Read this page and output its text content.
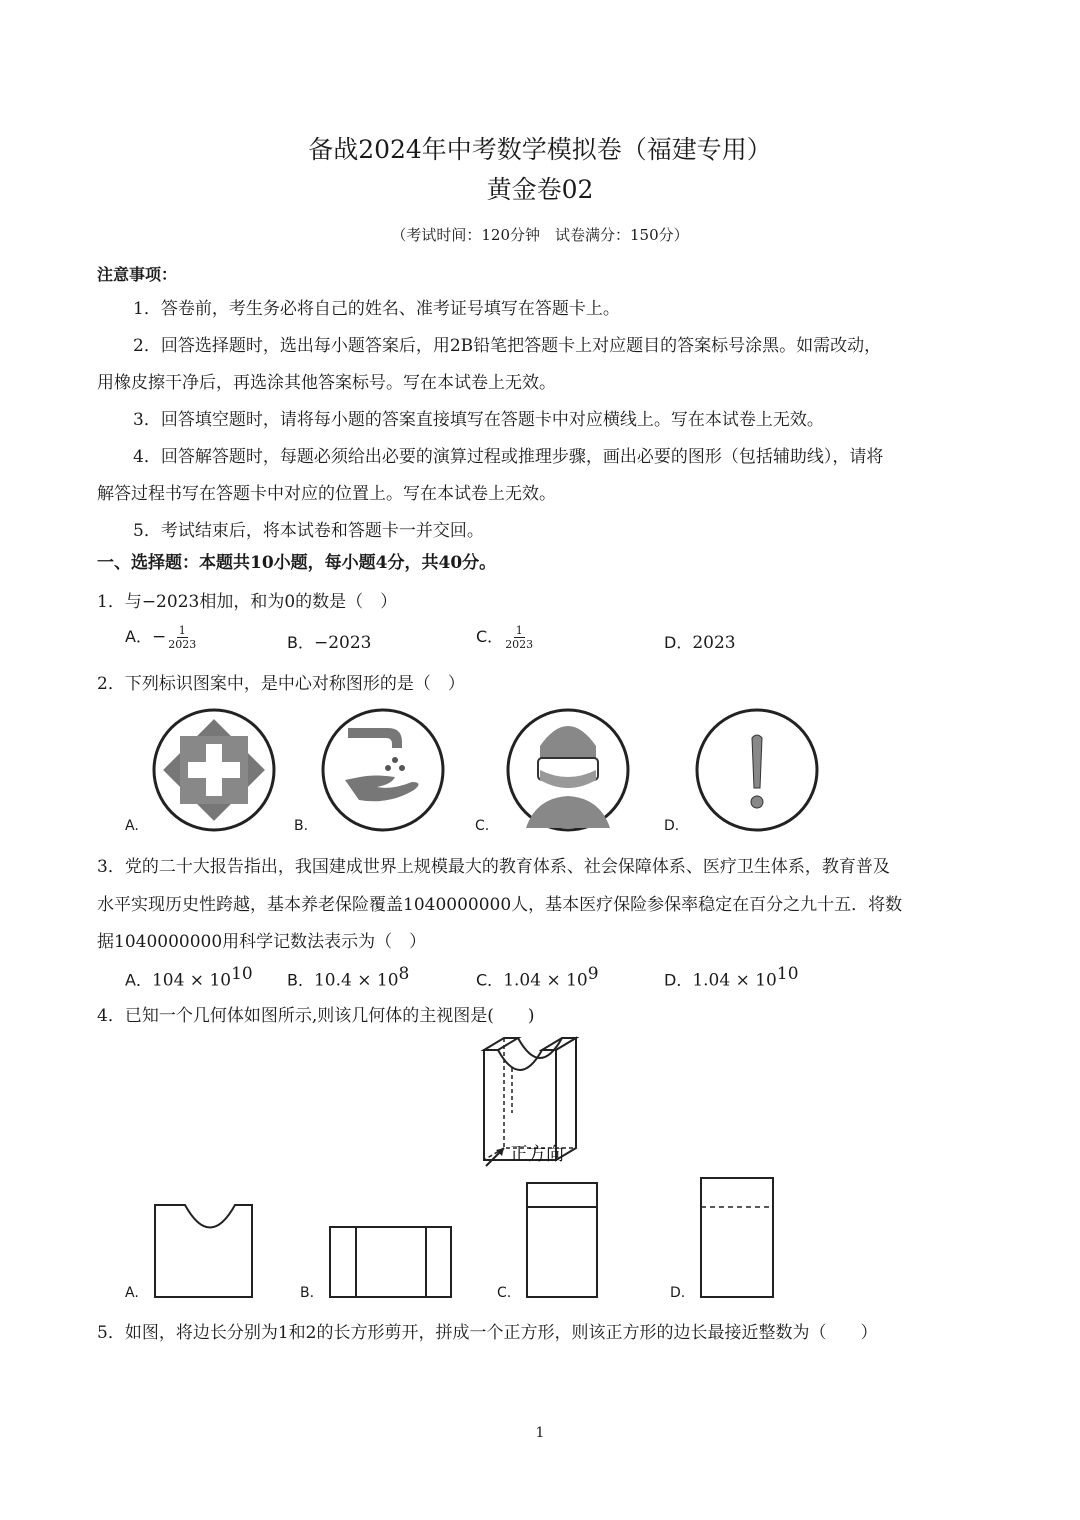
备战2024年中考数学模拟卷（福建专用）
黄金卷02
（考试时间：120分钟　试卷满分：150分）
注意事项：
1．答卷前，考生务必将自己的姓名、准考证号填写在答题卡上。
2．回答选择题时，选出每小题答案后，用2B铅笔把答题卡上对应题目的答案标号涂黑。如需改动，
用橡皮擦干净后，再选涂其他答案标号。写在本试卷上无效。
3．回答填空题时，请将每小题的答案直接填写在答题卡中对应横线上。写在本试卷上无效。
4．回答解答题时，每题必须给出必要的演算过程或推理步骤，画出必要的图形（包括辅助线），请将
解答过程书写在答题卡中对应的位置上。写在本试卷上无效。
5．考试结束后，将本试卷和答题卡一并交回。
一、选择题：本题共10小题，每小题4分，共40分。
1．与−2023相加，和为0的数是（　）
A．− $\frac{1}{2023}$	B．−2023	C． $\frac{1}{2023}$	D．2023
2．下列标识图案中，是中心对称图形的是（　）
A.	B.	C.	D.
3．党的二十大报告指出，我国建成世界上规模最大的教育体系、社会保障体系、医疗卫生体系，教育普及
水平实现历史性跨越，基本养老保险覆盖1040000000人，基本医疗保险参保率稳定在百分之九十五．将数
据1040000000用科学记数法表示为（　）
A．$104 \times 10^{10}$ B．$10.4 \times 10^8$	C．$1.04 \times 10^9$	D．$1.04 \times 10^{10}$
4．已知一个几何体如图所示,则该几何体的主视图是(　　)
正方向
A.	B.	C.	D.
5．如图，将边长分别为1和2的长方形剪开，拼成一个正方形，则该正方形的边长最接近整数为（　　）
1
